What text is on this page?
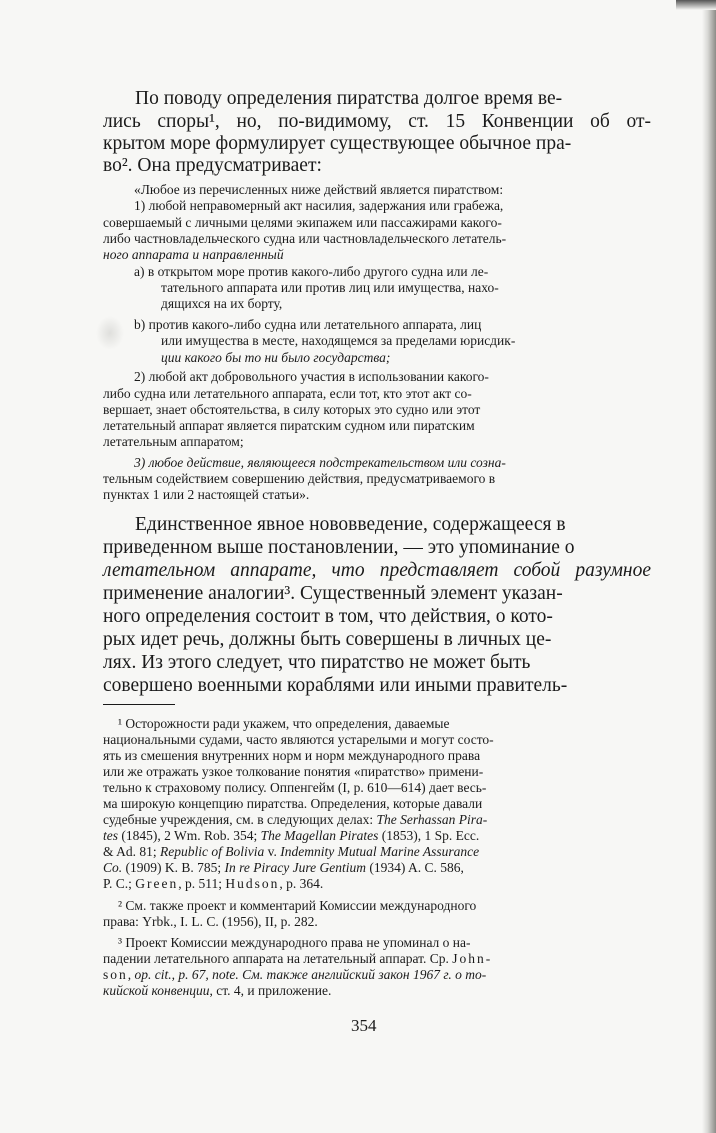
По поводу определения пиратства долгое время ве-

лись споры¹, но, по-видимому, ст. 15 Конвенции об от-

крытом море формулирует существующее обычное пра-

во². Она предусматривает:

«Любое из перечисленных ниже действий является пиратством:

1) любой неправомерный акт насилия, задержания или грабежа,

совершаемый с личными целями экипажем или пассажирами какого-

либо частновладельческого судна или частновладельческого летатель-

ного аппарата и направленный

а) в открытом море против какого-либо другого судна или ле-

тательного аппарата или против лиц или имущества, нахо-

дящихся на их борту,

b) против какого-либо судна или летательного аппарата, лиц

или имущества в месте, находящемся за пределами юрисдик-

ции какого бы то ни было государства;

2) любой акт добровольного участия в использовании какого-

либо судна или летательного аппарата, если тот, кто этот акт со-

вершает, знает обстоятельства, в силу которых это судно или этот

летательный аппарат является пиратским судном или пиратским

летательным аппаратом;

3) любое действие, являющееся подстрекательством или созна-

тельным содействием совершению действия, предусматриваемого в

пунктах 1 или 2 настоящей статьи».

Единственное явное нововведение, содержащееся в

приведенном выше постановлении, — это упоминание о

летательном аппарате, что представляет собой разумное

применение аналогии³. Существенный элемент указан-

ного определения состоит в том, что действия, о кото-

рых идет речь, должны быть совершены в личных це-

лях. Из этого следует, что пиратство не может быть

совершено военными кораблями или иными правитель-

¹ Осторожности ради укажем, что определения, даваемые

национальными судами, часто являются устарелыми и могут состо-

ять из смешения внутренних норм и норм международного права

или же отражать узкое толкование понятия «пиратство» примени-

тельно к страховому полису. Оппенгейм (I, р. 610—614) дает весь-

ма широкую концепцию пиратства. Определения, которые давали

судебные учреждения, см. в следующих делах: The Serhassan Pira-

tes (1845), 2 Wm. Rob. 354; The Magellan Pirates (1853), 1 Sp. Ecc.

& Ad. 81; Republic of Bolivia v. Indemnity Mutual Marine Assurance

Co. (1909) K. B. 785; In re Piracy Jure Gentium (1934) A. C. 586,

P. C.; Green, p. 511; Hudson, p. 364.

² См. также проект и комментарий Комиссии международного

права: Yrbk., I. L. C. (1956), II, p. 282.

³ Проект Комиссии международного права не упоминал о на-

падении летательного аппарата на летательный аппарат. Ср. John-

son, op. cit., p. 67, note. См. также английский закон 1967 г. о то-

кийской конвенции, ст. 4, и приложение.

354
